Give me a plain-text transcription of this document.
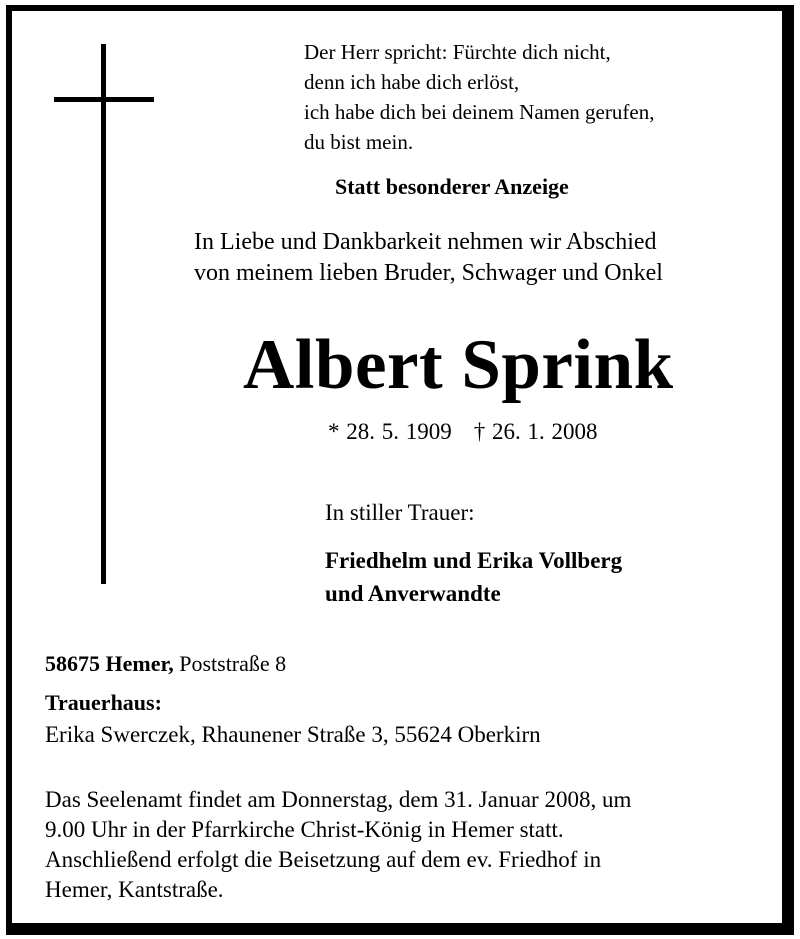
Der Herr spricht: Fürchte dich nicht,
denn ich habe dich erlöst,
ich habe dich bei deinem Namen gerufen,
du bist mein.
Statt besonderer Anzeige
In Liebe und Dankbarkeit nehmen wir Abschied
von meinem lieben Bruder, Schwager und Onkel
Albert Sprink
* 28. 5. 1909 † 26. 1. 2008
In stiller Trauer:
Friedhelm und Erika Vollberg
und Anverwandte
58675 Hemer, Poststraße 8
Trauerhaus:
Erika Swerczek, Rhaunener Straße 3, 55624 Oberkirn
Das Seelenamt findet am Donnerstag, dem 31. Januar 2008, um
9.00 Uhr in der Pfarrkirche Christ-König in Hemer statt.
Anschließend erfolgt die Beisetzung auf dem ev. Friedhof in
Hemer, Kantstraße.
